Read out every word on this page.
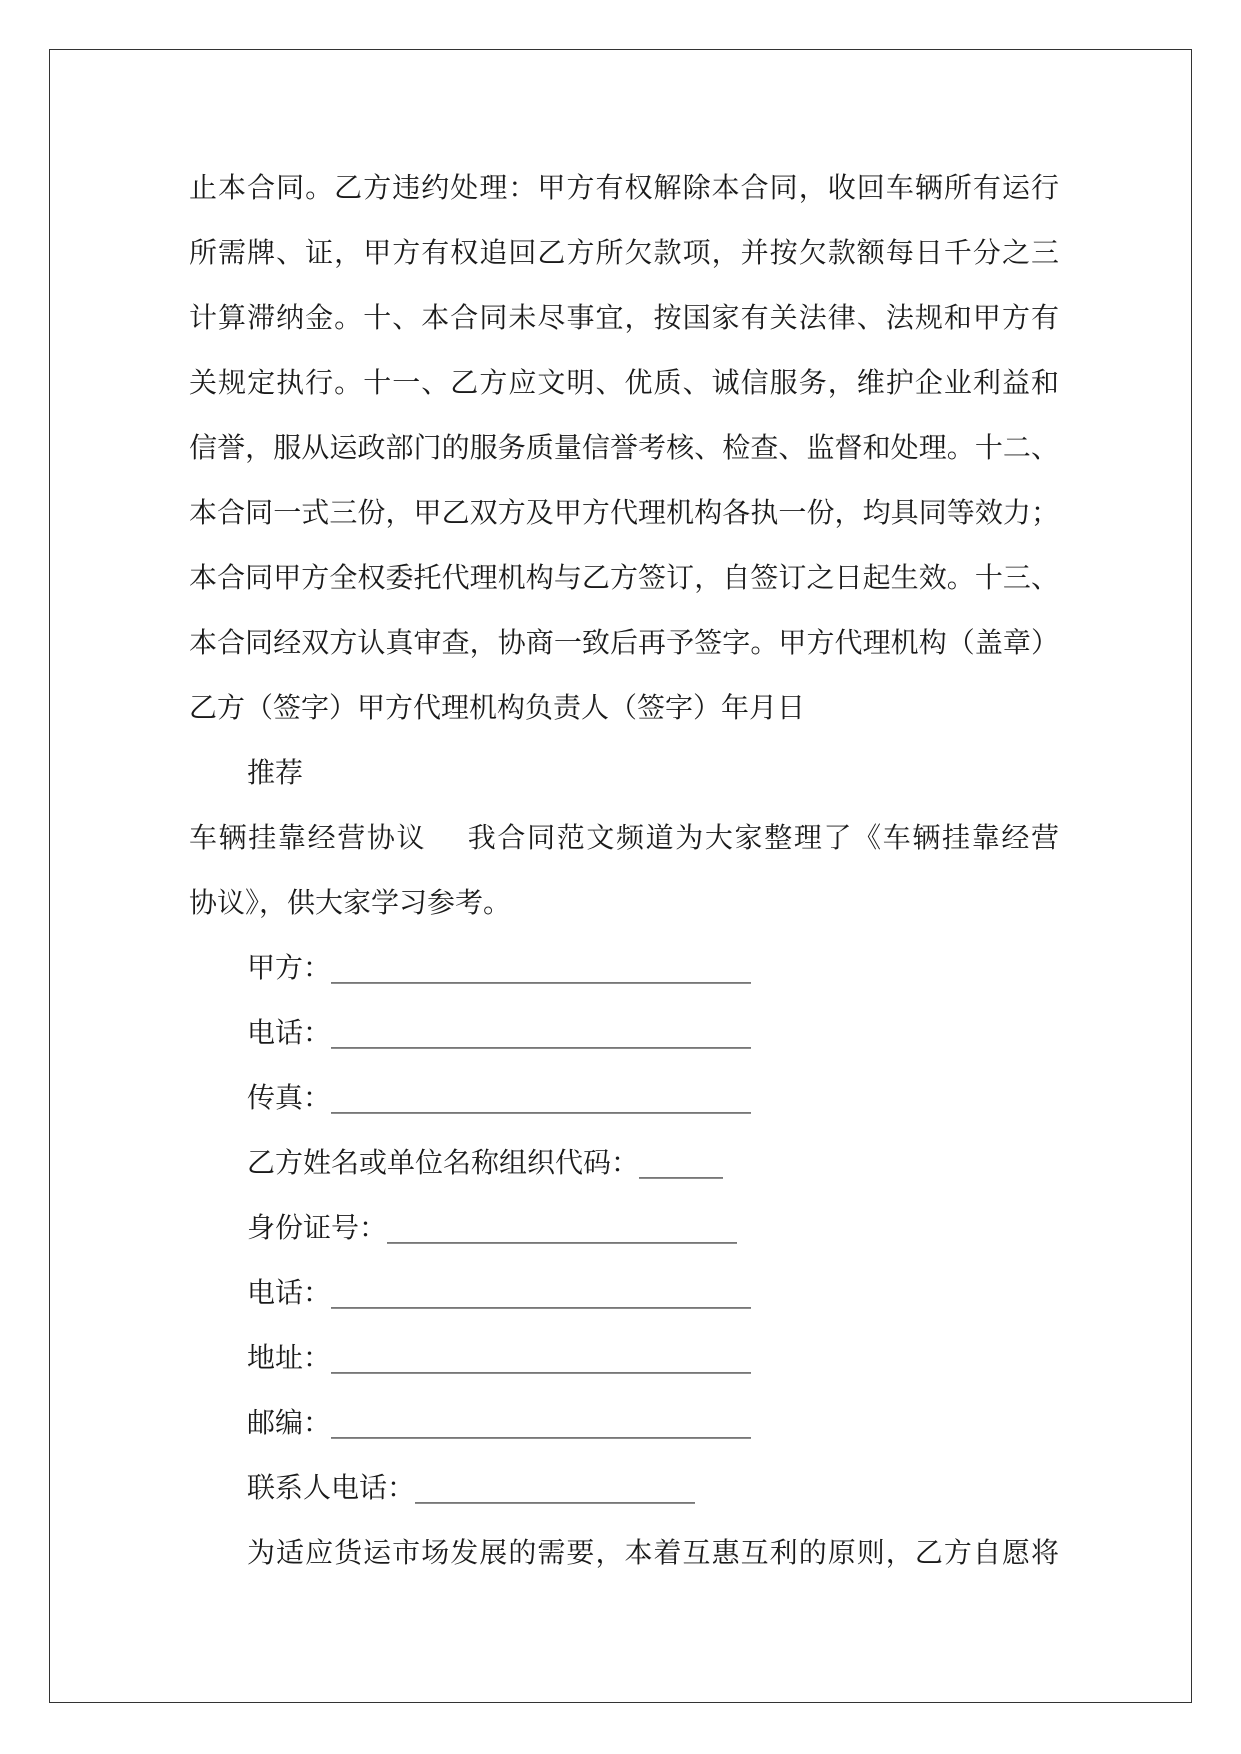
止本合同。乙方违约处理：甲方有权解除本合同，收回车辆所有运行
所需牌、证，甲方有权追回乙方所欠款项，并按欠款额每日千分之三
计算滞纳金。十、本合同未尽事宜，按国家有关法律、法规和甲方有
关规定执行。十一、乙方应文明、优质、诚信服务，维护企业利益和
信誉，服从运政部门的服务质量信誉考核、检查、监督和处理。十二、
本合同一式三份，甲乙双方及甲方代理机构各执一份，均具同等效力；
本合同甲方全权委托代理机构与乙方签订，自签订之日起生效。十三、
本合同经双方认真审查，协商一致后再予签字。甲方代理机构（盖章）
乙方（签字）甲方代理机构负责人（签字）年月日
推荐
车辆挂靠经营协议 我合同范文频道为大家整理了《车辆挂靠经营
协议》，供大家学习参考。
甲方：______________________________
电话：______________________________
传真：______________________________
乙方姓名或单位名称组织代码：______
身份证号：_________________________
电话：______________________________
地址：______________________________
邮编：______________________________
联系人电话：____________________
为适应货运市场发展的需要，本着互惠互利的原则，乙方自愿将
